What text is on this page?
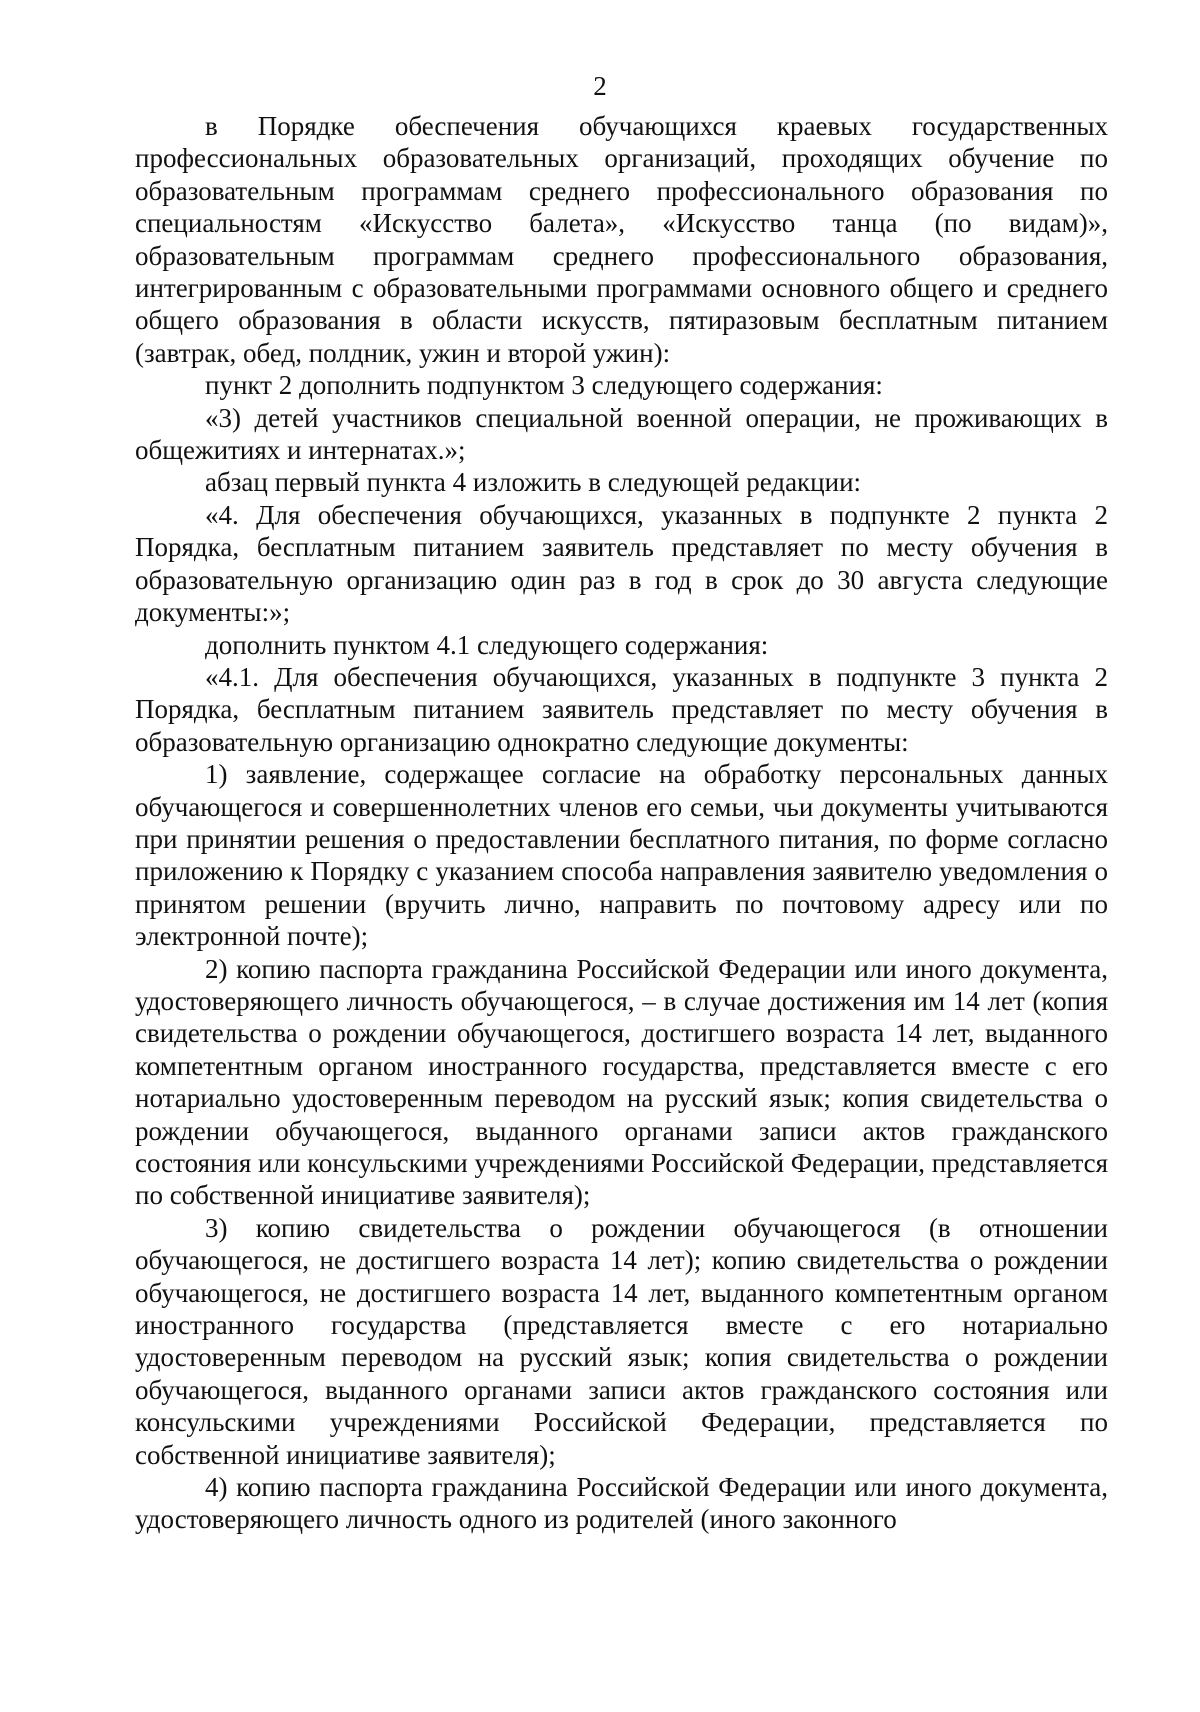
2

в Порядке обеспечения обучающихся краевых государственных профессиональных образовательных организаций, проходящих обучение по образовательным программам среднего профессионального образования по специальностям «Искусство балета», «Искусство танца (по видам)», образовательным программам среднего профессионального образования, интегрированным с образовательными программами основного общего и среднего общего образования в области искусств, пятиразовым бесплатным питанием (завтрак, обед, полдник, ужин и второй ужин):

пункт 2 дополнить подпунктом 3 следующего содержания:

«3) детей участников специальной военной операции, не проживающих в общежитиях и интернатах.»;

абзац первый пункта 4 изложить в следующей редакции:

«4. Для обеспечения обучающихся, указанных в подпункте 2 пункта 2 Порядка, бесплатным питанием заявитель представляет по месту обучения в образовательную организацию один раз в год в срок до 30 августа следующие документы:»;

дополнить пунктом 4.1 следующего содержания:

«4.1. Для обеспечения обучающихся, указанных в подпункте 3 пункта 2 Порядка, бесплатным питанием заявитель представляет по месту обучения в образовательную организацию однократно следующие документы:

1) заявление, содержащее согласие на обработку персональных данных обучающегося и совершеннолетних членов его семьи, чьи документы учитываются при принятии решения о предоставлении бесплатного питания, по форме согласно приложению к Порядку с указанием способа направления заявителю уведомления о принятом решении (вручить лично, направить по почтовому адресу или по электронной почте);

2) копию паспорта гражданина Российской Федерации или иного документа, удостоверяющего личность обучающегося, – в случае достижения им 14 лет (копия свидетельства о рождении обучающегося, достигшего возраста 14 лет, выданного компетентным органом иностранного государства, представляется вместе с его нотариально удостоверенным переводом на русский язык; копия свидетельства о рождении обучающегося, выданного органами записи актов гражданского состояния или консульскими учреждениями Российской Федерации, представляется по собственной инициативе заявителя);

3) копию свидетельства о рождении обучающегося (в отношении обучающегося, не достигшего возраста 14 лет); копию свидетельства о рождении обучающегося, не достигшего возраста 14 лет, выданного компетентным органом иностранного государства (представляется вместе с его нотариально удостоверенным переводом на русский язык; копия свидетельства о рождении обучающегося, выданного органами записи актов гражданского состояния или консульскими учреждениями Российской Федерации, представляется по собственной инициативе заявителя);

4) копию паспорта гражданина Российской Федерации или иного документа, удостоверяющего личность одного из родителей (иного законного
